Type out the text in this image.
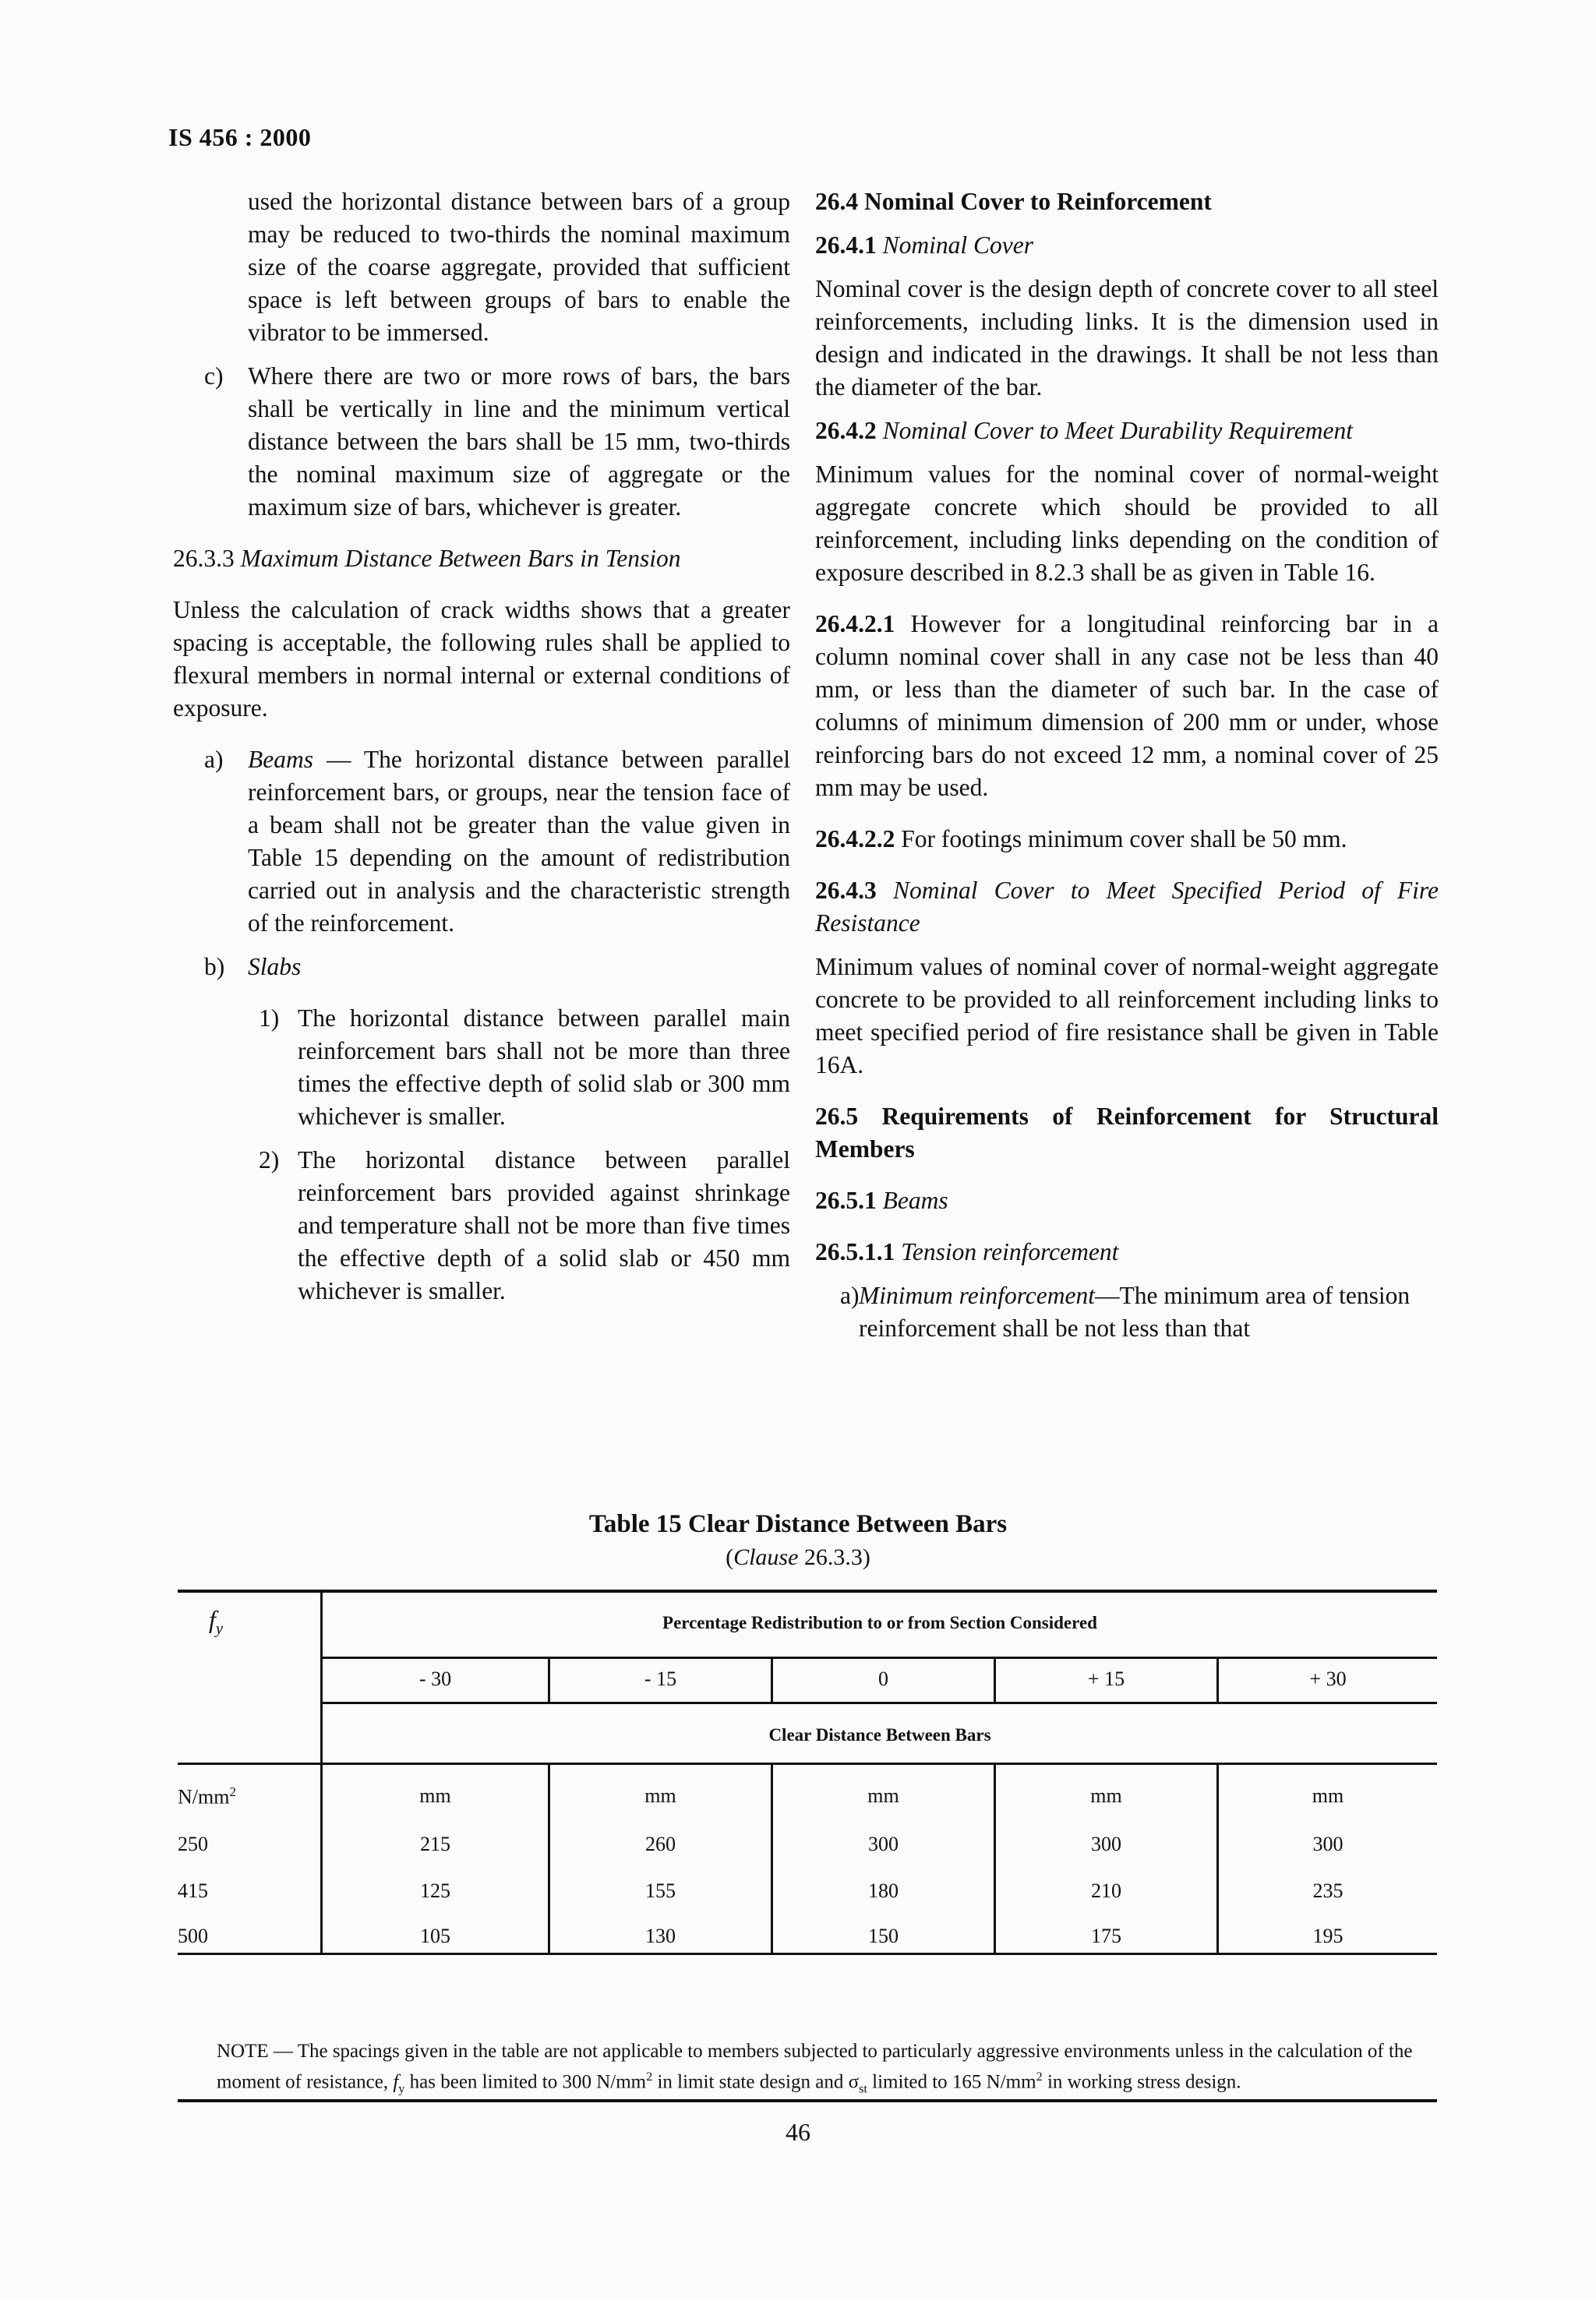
IS 456 : 2000

used the horizontal distance between bars of a group may be reduced to two-thirds the nominal maximum size of the coarse aggregate, provided that sufficient space is left between groups of bars to enable the vibrator to be immersed.

c)	Where there are two or more rows of bars, the bars shall be vertically in line and the minimum vertical distance between the bars shall be 15 mm, two-thirds the nominal maximum size of aggregate or the maximum size of bars, whichever is greater.

26.3.3 Maximum Distance Between Bars in Tension

Unless the calculation of crack widths shows that a greater spacing is acceptable, the following rules shall be applied to flexural members in normal internal or external conditions of exposure.

a)	Beams — The horizontal distance between parallel reinforcement bars, or groups, near the tension face of a beam shall not be greater than the value given in Table 15 depending on the amount of redistribution carried out in analysis and the characteristic strength of the reinforcement.
b) Slabs
1) The horizontal distance between parallel main reinforcement bars shall not be more than three times the effective depth of solid slab or 300 mm whichever is smaller.
2) The horizontal distance between parallel reinforcement bars provided against shrinkage and temperature shall not be more than five times the effective depth of a solid slab or 450 mm whichever is smaller.

26.4 Nominal Cover to Reinforcement

26.4.1 Nominal Cover

Nominal cover is the design depth of concrete cover to all steel reinforcements, including links. It is the dimension used in design and indicated in the drawings. It shall be not less than the diameter of the bar.

26.4.2 Nominal Cover to Meet Durability Requirement

Minimum values for the nominal cover of normal-weight aggregate concrete which should be provided to all reinforcement, including links depending on the condition of exposure described in 8.2.3 shall be as given in Table 16.

26.4.2.1 However for a longitudinal reinforcing bar in a column nominal cover shall in any case not be less than 40 mm, or less than the diameter of such bar. In the case of columns of minimum dimension of 200 mm or under, whose reinforcing bars do not exceed 12 mm, a nominal cover of 25 mm may be used.

26.4.2.2 For footings minimum cover shall be 50 mm.

26.4.3 Nominal Cover to Meet Specified Period of Fire Resistance

Minimum values of nominal cover of normal-weight aggregate concrete to be provided to all reinforcement including links to meet specified period of fire resistance shall be given in Table 16A.

26.5 Requirements of Reinforcement for Structural Members

26.5.1 Beams

26.5.1.1 Tension reinforcement

a) Minimum reinforcement—The minimum area of tension reinforcement shall be not less than that
Table 15 Clear Distance Between Bars
(Clause 26.3.3)
$f_y$	Percentage Redistribution to or from Section Considered
- 30	- 15	0	+ 15	+ 30
Clear Distance Between Bars
$N/mm^2$	mm	mm	mm	mm	mm
250	215	260	300	300	300
415	125	155	180	210	235
500	105	130	150	175	195
NOTE — The spacings given in the table are not applicable to members subjected to particularly aggressive environments unless in the calculation of the moment of resistance, $f_y$ has been limited to 300 $N/mm^2$ in limit state design and $\sigma_{st}$ limited to 165 $N/mm^2$ in working stress design.
46
